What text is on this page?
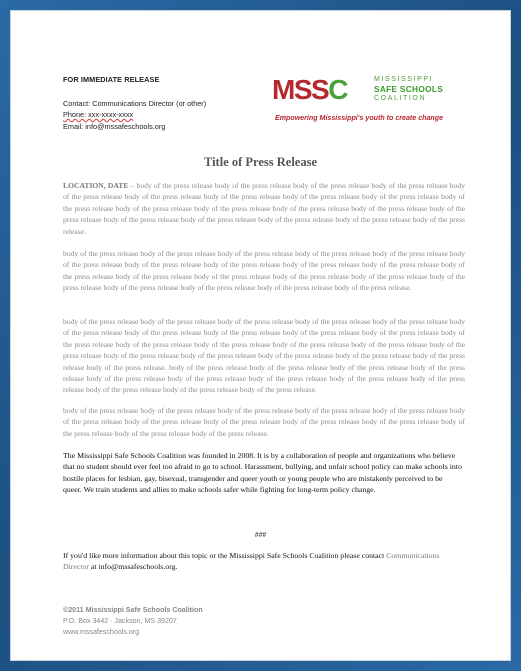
FOR IMMEDIATE RELEASE
Contact: Communications Director (or other)
Phone: xxx-xxxx-xxxx
Email: info@mssafeschools.org
MSSC	MISSISSIPPI
SAFE SCHOOLS
COALITION
Empowering Mississippi's youth to create change
Title of Press Release
LOCATION, DATE – body of the press release body of the press release body of the press release body of the press release body of the press release body of the press release body of the press release body of the press release body of the press release body of the press release body of the press release body of the press release body of the press release body of the press release body of the press release body of the press release body of the press release body of the press release body of the press release body of the press release.
body of the press release body of the press release body of the press release body of the press release body of the press release body of the press release body of the press release body of the press release body of the press release body of the press release body of the press release body of the press release body of the press release body of the press release body of the press release body of the press release body of the press release body of the press release body of the press release body of the press release.
body of the press release body of the press release body of the press release body of the press release body of the press release body of the press release body of the press release body of the press release body of the press release body of the press release body of the press release body of the press release body of the press release body of the press release body of the press release body of the press release body of the press release body of the press release body of the press release body of the press release body of the press release body of the press release. body of the press release body of the press release body of the press release body of the press release body of the press release body of the press release body of the press release body of the press release body of the press release body of the press release body of the press release body of the press release.
body of the press release body of the press release body of the press release body of the press release body of the press release body of the press release body of the press release body of the press release body of the press release body of the press release body of the press release body of the press release body of the press release.
The Mississippi Safe Schools Coalition was founded in 2008. It is by a collaboration of people and organizations who believe that no student should ever feel too afraid to go to school. Harassment, bullying, and unfair school policy can make schools into hostile places for lesbian, gay, bisexual, transgender and queer youth or young people who are mistakenly perceived to be queer. We train students and allies to make schools safer while fighting for long-term policy change.
###
If you'd like more information about this topic or the Mississippi Safe Schools Coalition please contact Communications Director at info@mssafeschools.org.
©2011 Mississippi Safe Schools Coalition
P.O. Box 3442 · Jackson, MS 39207
www.mssafeschools.org
